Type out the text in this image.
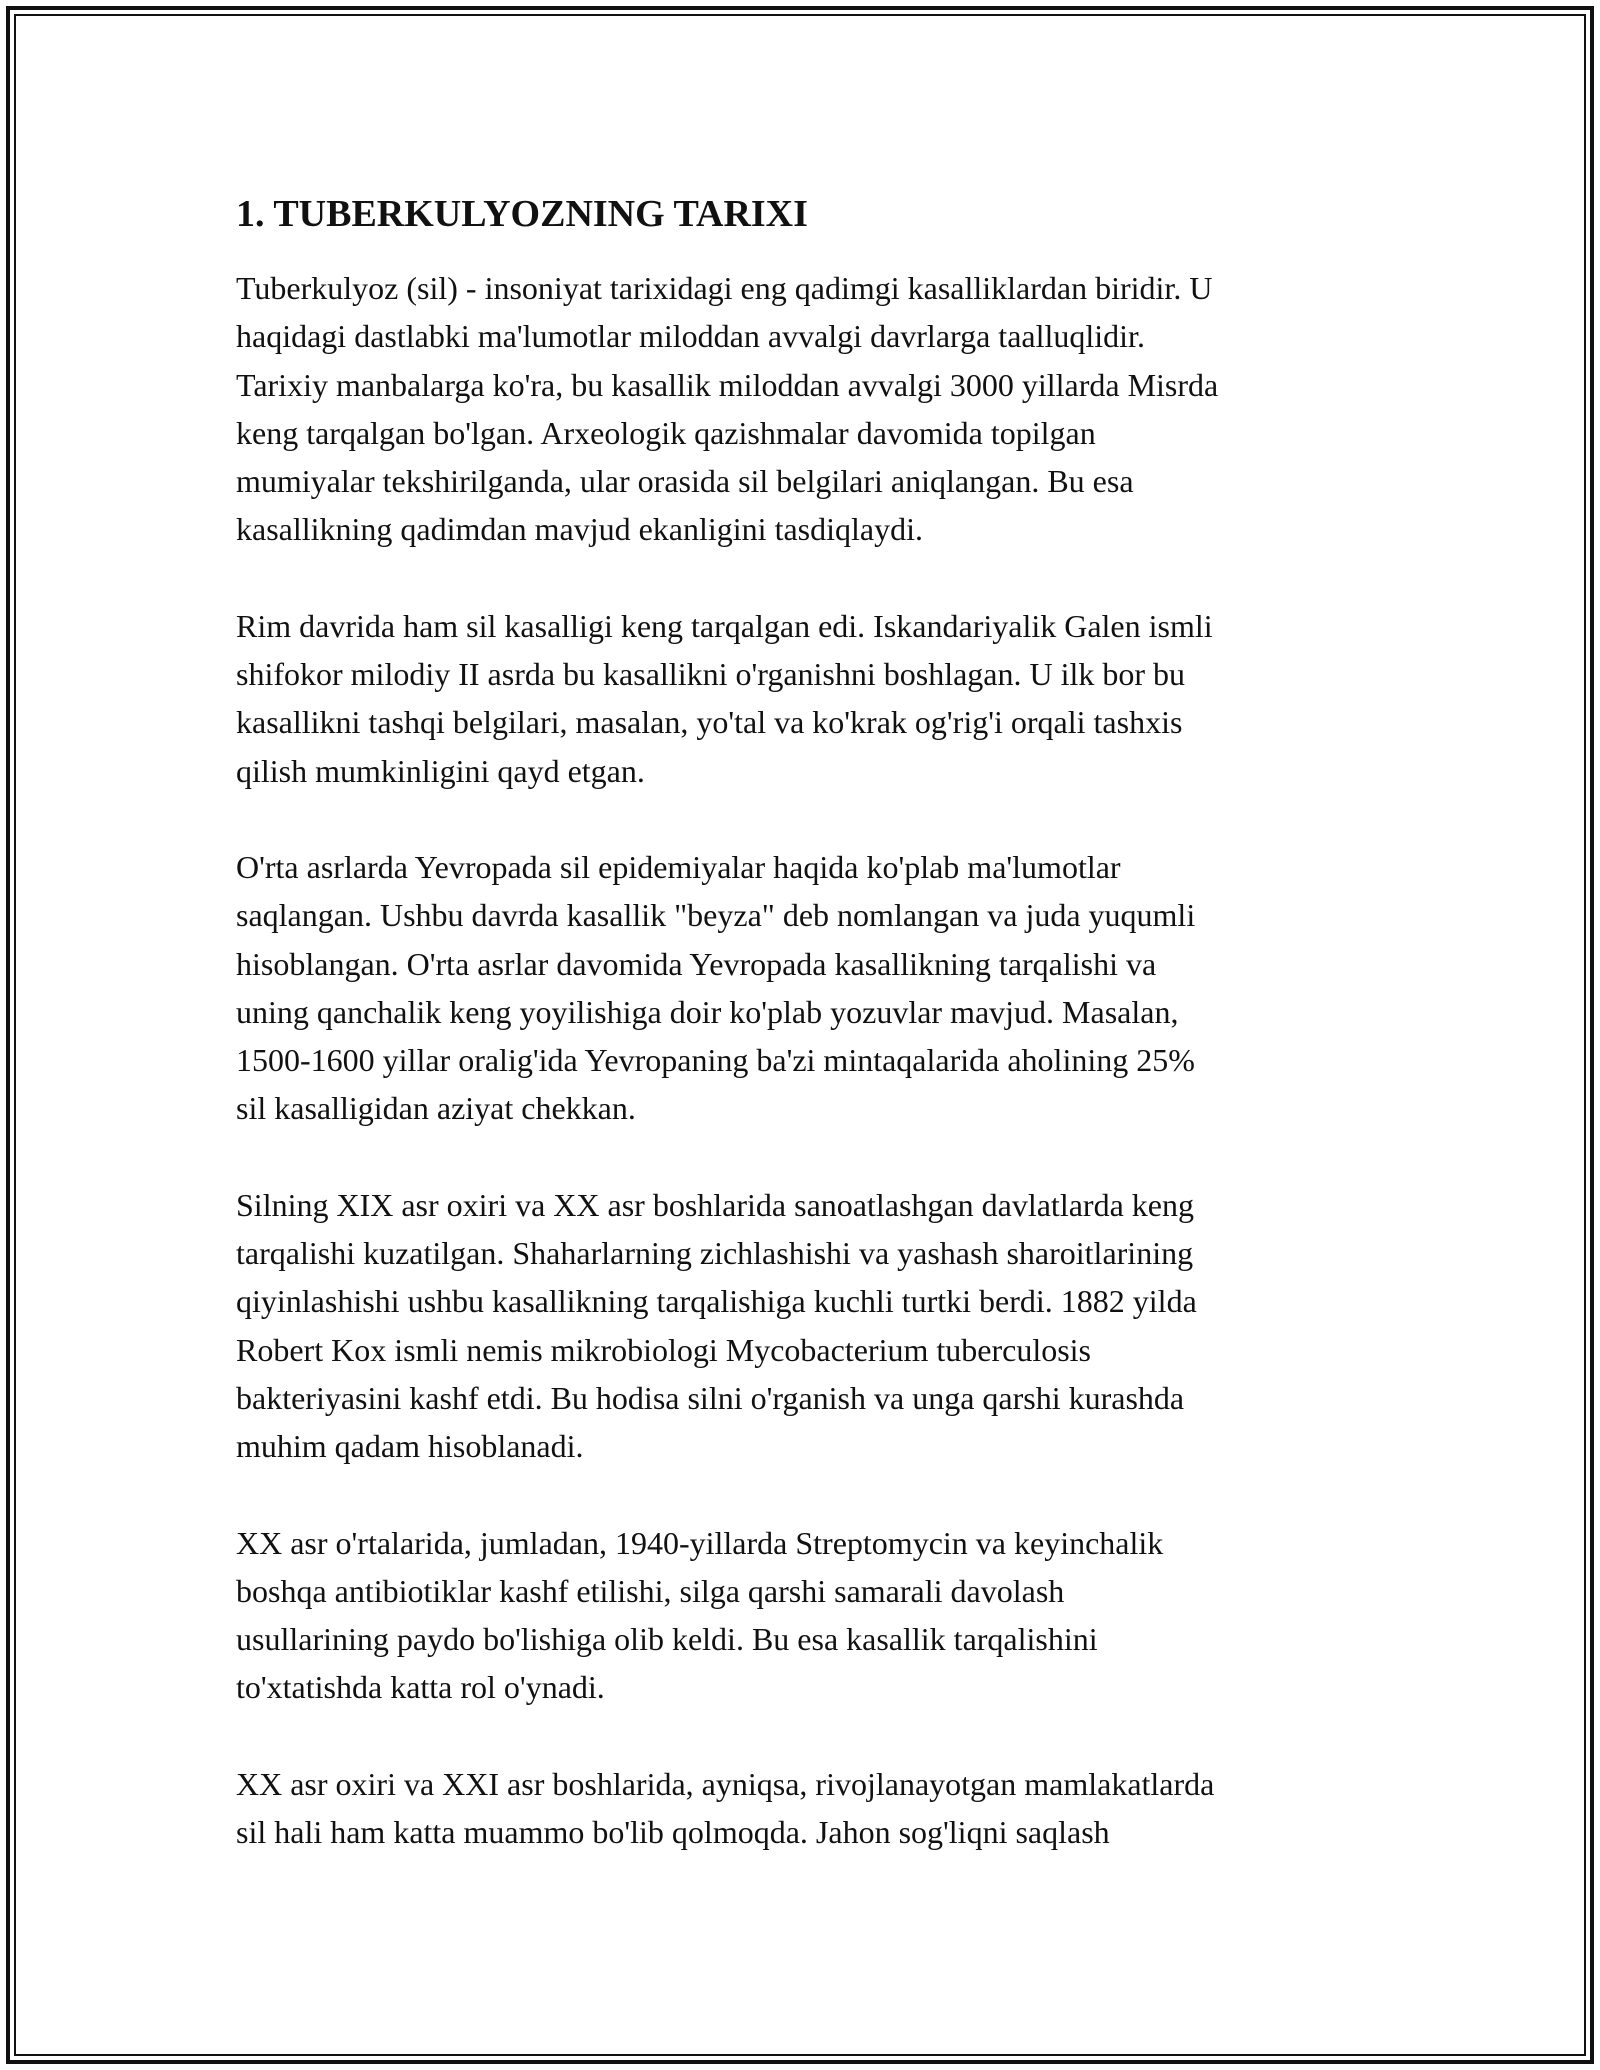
1. TUBERKULYOZNING TARIXI

Tuberkulyoz (sil) - insoniyat tarixidagi eng qadimgi kasalliklardan biridir. U
haqidagi dastlabki ma'lumotlar miloddan avvalgi davrlarga taalluqlidir.
Tarixiy manbalarga ko'ra, bu kasallik miloddan avvalgi 3000 yillarda Misrda
keng tarqalgan bo'lgan. Arxeologik qazishmalar davomida topilgan
mumiyalar tekshirilganda, ular orasida sil belgilari aniqlangan. Bu esa
kasallikning qadimdan mavjud ekanligini tasdiqlaydi.

Rim davrida ham sil kasalligi keng tarqalgan edi. Iskandariyalik Galen ismli
shifokor milodiy II asrda bu kasallikni o'rganishni boshlagan. U ilk bor bu
kasallikni tashqi belgilari, masalan, yo'tal va ko'krak og'rig'i orqali tashxis
qilish mumkinligini qayd etgan.

O'rta asrlarda Yevropada sil epidemiyalar haqida ko'plab ma'lumotlar
saqlangan. Ushbu davrda kasallik "beyza" deb nomlangan va juda yuqumli
hisoblangan. O'rta asrlar davomida Yevropada kasallikning tarqalishi va
uning qanchalik keng yoyilishiga doir ko'plab yozuvlar mavjud. Masalan,
1500-1600 yillar oralig'ida Yevropaning ba'zi mintaqalarida aholining 25%
sil kasalligidan aziyat chekkan.

Silning XIX asr oxiri va XX asr boshlarida sanoatlashgan davlatlarda keng
tarqalishi kuzatilgan. Shaharlarning zichlashishi va yashash sharoitlarining
qiyinlashishi ushbu kasallikning tarqalishiga kuchli turtki berdi. 1882 yilda
Robert Kox ismli nemis mikrobiologi Mycobacterium tuberculosis
bakteriyasini kashf etdi. Bu hodisa silni o'rganish va unga qarshi kurashda
muhim qadam hisoblanadi.

XX asr o'rtalarida, jumladan, 1940-yillarda Streptomycin va keyinchalik
boshqa antibiotiklar kashf etilishi, silga qarshi samarali davolash
usullarining paydo bo'lishiga olib keldi. Bu esa kasallik tarqalishini
to'xtatishda katta rol o'ynadi.

XX asr oxiri va XXI asr boshlarida, ayniqsa, rivojlanayotgan mamlakatlarda
sil hali ham katta muammo bo'lib qolmoqda. Jahon sog'liqni saqlash
